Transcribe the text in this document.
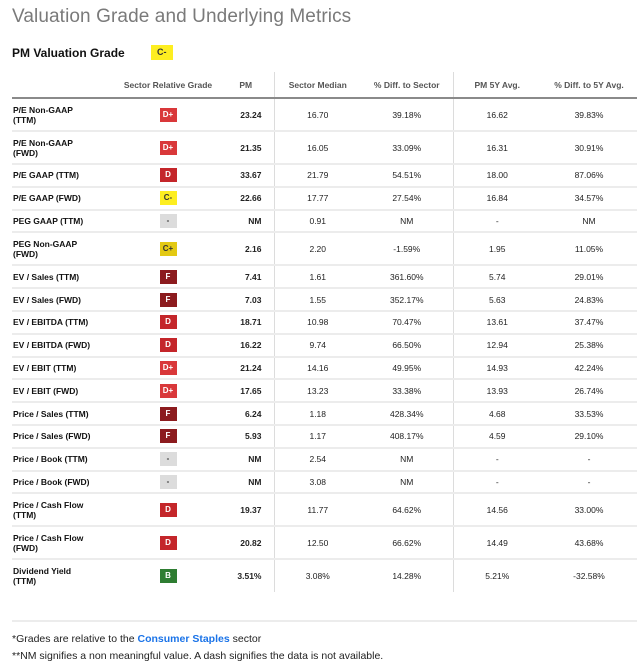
Valuation Grade and Underlying Metrics
PM Valuation Grade	C-
	Sector Relative Grade	PM	Sector Median	% Diff. to Sector	PM 5Y Avg.	% Diff. to 5Y Avg.
P/E Non-GAAP
(TTM)	D+	23.24	16.70	39.18%	16.62	39.83%
P/E Non-GAAP
(FWD)	D+	21.35	16.05	33.09%	16.31	30.91%
P/E GAAP (TTM)	D	33.67	21.79	54.51%	18.00	87.06%
P/E GAAP (FWD)	C-	22.66	17.77	27.54%	16.84	34.57%
PEG GAAP (TTM)	-	NM	0.91	NM	-	NM
PEG Non-GAAP
(FWD)	C+	2.16	2.20	-1.59%	1.95	11.05%
EV / Sales (TTM)	F	7.41	1.61	361.60%	5.74	29.01%
EV / Sales (FWD)	F	7.03	1.55	352.17%	5.63	24.83%
EV / EBITDA (TTM)	D	18.71	10.98	70.47%	13.61	37.47%
EV / EBITDA (FWD)	D	16.22	9.74	66.50%	12.94	25.38%
EV / EBIT (TTM)	D+	21.24	14.16	49.95%	14.93	42.24%
EV / EBIT (FWD)	D+	17.65	13.23	33.38%	13.93	26.74%
Price / Sales (TTM)	F	6.24	1.18	428.34%	4.68	33.53%
Price / Sales (FWD)	F	5.93	1.17	408.17%	4.59	29.10%
Price / Book (TTM)	-	NM	2.54	NM	-	-
Price / Book (FWD)	-	NM	3.08	NM	-	-
Price / Cash Flow
(TTM)	D	19.37	11.77	64.62%	14.56	33.00%
Price / Cash Flow
(FWD)	D	20.82	12.50	66.62%	14.49	43.68%
Dividend Yield
(TTM)	B	3.51%	3.08%	14.28%	5.21%	-32.58%
*Grades are relative to the Consumer Staples sector
**NM signifies a non meaningful value. A dash signifies the data is not available.
